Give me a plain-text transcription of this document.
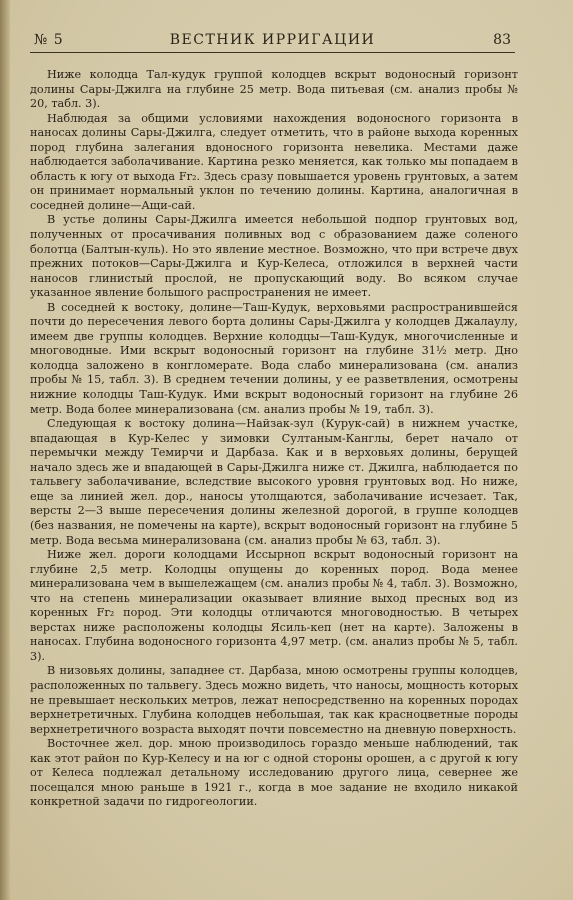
№ 5	ВЕСТНИК ИРРИГАЦИИ	83

Ниже колодца Тал-кудук группой колодцев вскрыт водоносный горизонт долины Сары-Джилга на глубине 25 метр. Вода питьевая (см. анализ пробы № 20, табл. 3).

Наблюдая за общими условиями нахождения водоносного горизонта в наносах долины Сары-Джилга, следует отметить, что в районе выхода коренных пород глубина залегания вдоносного горизонта невелика. Местами даже наблюдается заболачивание. Картина резко меняется, как только мы попадаем в область к югу от выхода Fr₂. Здесь сразу повышается уровень грунтовых, а затем он принимает нормальный уклон по течению долины. Картина, аналогичная в соседней долине—Ащи-сай.

В устье долины Сары-Джилга имеется небольшой подпор грунтовых вод, полученных от просачивания поливных вод с образованием даже соленого болотца (Балтын-куль). Но это явление местное. Возможно, что при встрече двух прежних потоков—Сары-Джилга и Кур-Келеса, отложился в верхней части наносов глинистый прослой, не пропускающий воду. Во всяком случае указанное явление большого распространения не имеет.

В соседней к востоку, долине—Таш-Кудук, верховьями распространившейся почти до пересечения левого борта долины Сары-Джилга у колодцев Джалаулу, имеем две группы колодцев. Верхние колодцы—Таш-Кудук, многочисленные и многоводные. Ими вскрыт водоносный горизонт на глубине 31½ метр. Дно колодца заложено в конгломерате. Вода слабо минерализована (см. анализ пробы № 15, табл. 3). В среднем течении долины, у ее разветвления, осмотрены нижние колодцы Таш-Кудук. Ими вскрыт водоносный горизонт на глубине 26 метр. Вода более минерализована (см. анализ пробы № 19, табл. 3).

Следующая к востоку долина—Найзак-зул (Курук-сай) в нижнем участке, впадающая в Кур-Келес у зимовки Султаным-Канглы, берет начало от перемычки между Темирчи и Дарбаза. Как и в верховьях долины, берущей начало здесь же и впадающей в Сары-Джилга ниже ст. Джилга, наблюдается по тальвегу заболачивание, вследствие высокого уровня грунтовых вод. Но ниже, еще за линией жел. дор., наносы утолщаются, заболачивание исчезает. Так, версты 2—3 выше пересечения долины железной дорогой, в группе колодцев (без названия, не помечены на карте), вскрыт водоносный горизонт на глубине 5 метр. Вода весьма минерализована (см. анализ пробы № 63, табл. 3).

Ниже жел. дороги колодцами Иссырноп вскрыт водоносный горизонт на глубине 2,5 метр. Колодцы опущены до коренных пород. Вода менее минерализована чем в вышележащем (см. анализ пробы № 4, табл. 3). Возможно, что на степень минерализации оказывает влияние выход пресных вод из коренных Fr₂ пород. Эти колодцы отличаются многоводностью. В четырех верстах ниже расположены колодцы Ясиль-кеп (нет на карте). Заложены в наносах. Глубина водоносного горизонта 4,97 метр. (см. анализ пробы № 5, табл. 3).

В низовьях долины, западнее ст. Дарбаза, мною осмотрены группы колодцев, расположенных по тальвегу. Здесь можно видеть, что наносы, мощность которых не превышает нескольких метров, лежат непосредственно на коренных породах верхнетретичных. Глубина колодцев небольшая, так как красноцветные породы верхнетретичного возраста выходят почти повсеместно на дневную поверхность.

Восточнее жел. дор. мною производилось гораздо меньше наблюдений, так как этот район по Кур-Келесу и на юг с одной стороны орошен, а с другой к югу от Келеса подлежал детальному исследованию другого лица, севернее же посещался мною раньше в 1921 г., когда в мое задание не входило никакой конкретной задачи по гидрогеологии.
